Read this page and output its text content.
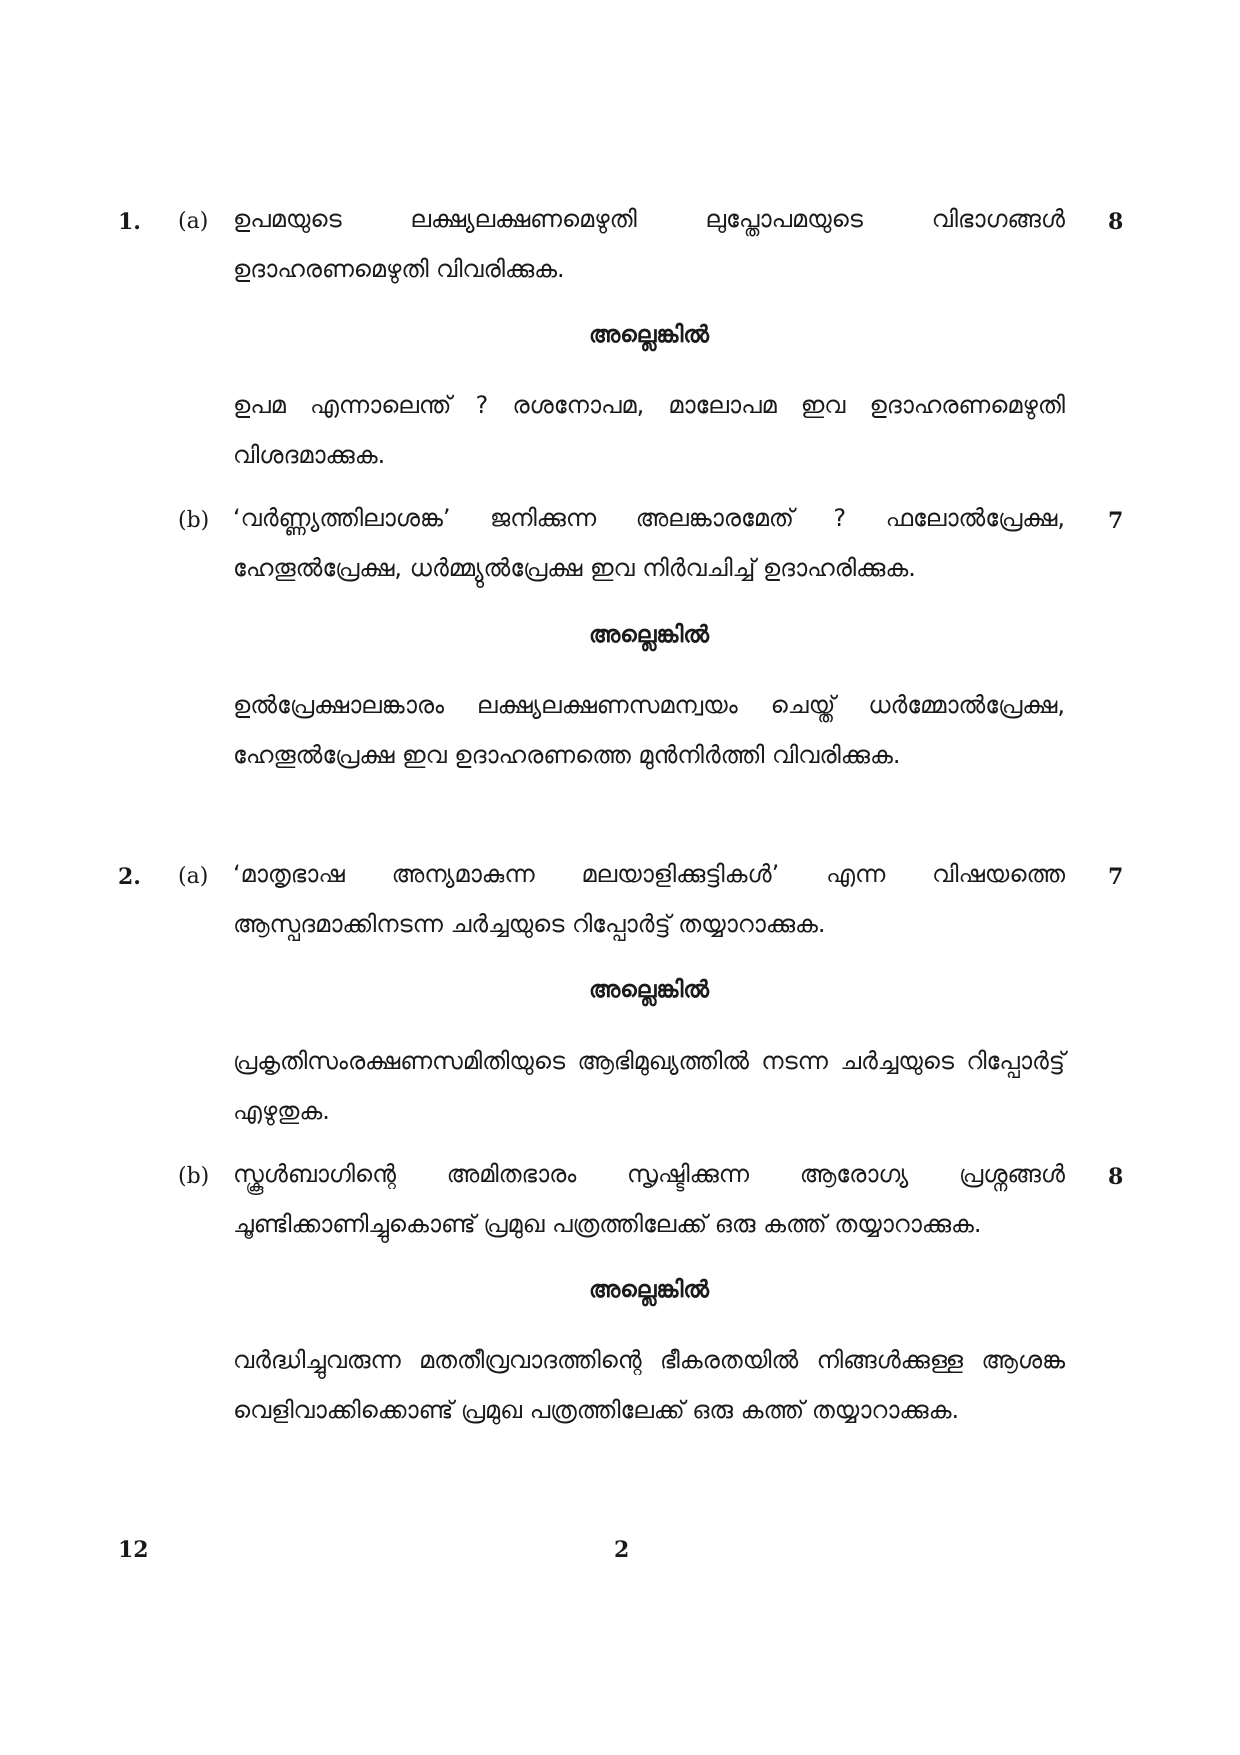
1. (a)	8
ഉപമയുടെ ലക്ഷ്യലക്ഷണമെഴുതി ലുപ്തോപമയുടെ വിഭാഗങ്ങൾ ഉദാഹരണമെഴുതി വിവരിക്കുക.
അല്ലെങ്കിൽ
ഉപമ എന്നാലെന്ത് ? രശനോപമ, മാലോപമ ഇവ ഉദാഹരണമെഴുതി വിശദമാക്കുക.
(b)	7
‘വർണ്ണ്യത്തിലാശങ്ക’ ജനിക്കുന്ന അലങ്കാരമേത് ? ഫലോൽപ്രേക്ഷ, ഹേതൂൽപ്രേക്ഷ, ധർമ്മ്യുൽപ്രേക്ഷ ഇവ നിർവചിച്ച് ഉദാഹരിക്കുക.
അല്ലെങ്കിൽ
ഉൽപ്രേക്ഷാലങ്കാരം ലക്ഷ്യലക്ഷണസമന്വയം ചെയ്ത് ധർമ്മോൽപ്രേക്ഷ, ഹേതൂൽപ്രേക്ഷ ഇവ ഉദാഹരണത്തെ മുൻനിർത്തി വിവരിക്കുക.
2. (a)	7
‘മാതൃഭാഷ അന്യമാകുന്ന മലയാളിക്കുട്ടികൾ’ എന്ന വിഷയത്തെ ആസ്പദമാക്കിനടന്ന ചർച്ചയുടെ റിപ്പോർട്ട് തയ്യാറാക്കുക.
അല്ലെങ്കിൽ
പ്രകൃതിസംരക്ഷണസമിതിയുടെ ആഭിമുഖ്യത്തിൽ നടന്ന ചർച്ചയുടെ റിപ്പോർട്ട് എഴുതുക.
(b)	8
സ്കൂൾബാഗിന്റെ അമിതഭാരം സൃഷ്ടിക്കുന്ന ആരോഗ്യ പ്രശ്നങ്ങൾ ചൂണ്ടിക്കാണിച്ചുകൊണ്ട് പ്രമുഖ പത്രത്തിലേക്ക് ഒരു കത്ത് തയ്യാറാക്കുക.
അല്ലെങ്കിൽ
വർദ്ധിച്ചുവരുന്ന മതതീവ്രവാദത്തിന്റെ ഭീകരതയിൽ നിങ്ങൾക്കുള്ള ആശങ്ക വെളിവാക്കിക്കൊണ്ട് പ്രമുഖ പത്രത്തിലേക്ക് ഒരു കത്ത് തയ്യാറാക്കുക.
12	2
